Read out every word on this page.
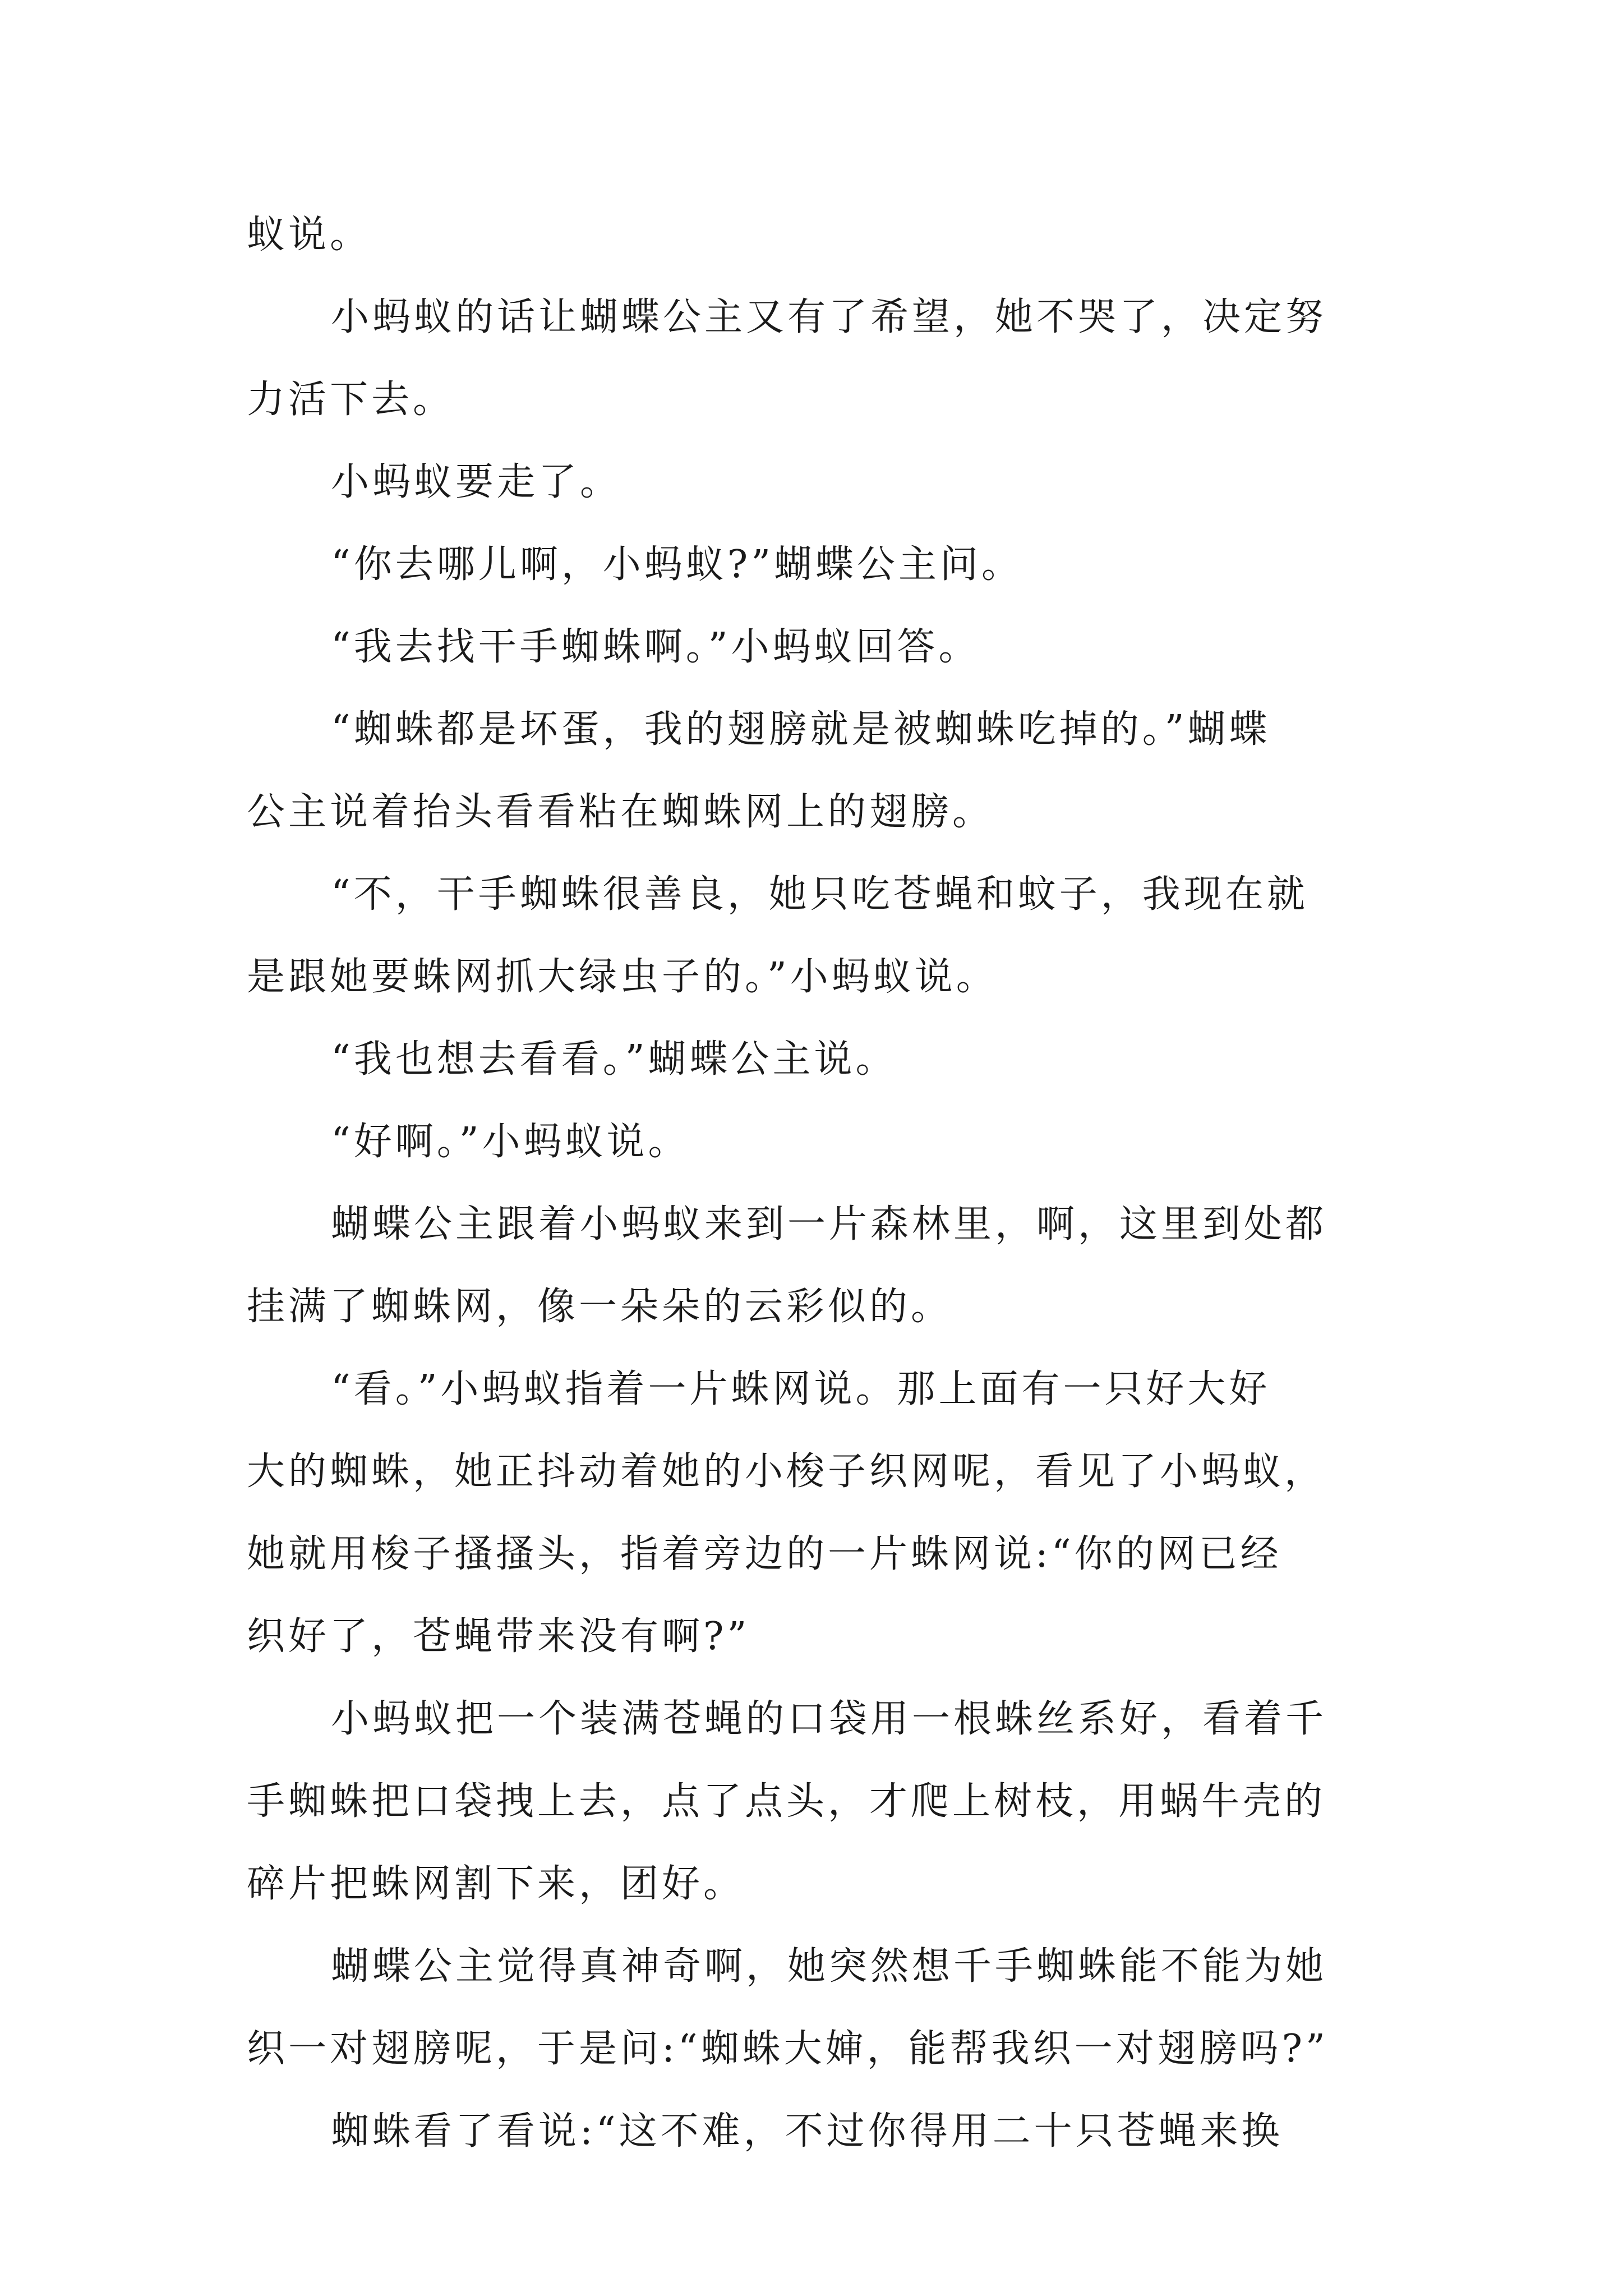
蚁说。
小蚂蚁的话让蝴蝶公主又有了希望，她不哭了，决定努
力活下去。
小蚂蚁要走了。
“你去哪儿啊，小蚂蚁?”蝴蝶公主问。
“我去找干手蜘蛛啊。”小蚂蚁回答。
“蜘蛛都是坏蛋，我的翅膀就是被蜘蛛吃掉的。”蝴蝶
公主说着抬头看看粘在蜘蛛网上的翅膀。
“不，干手蜘蛛很善良，她只吃苍蝇和蚊子，我现在就
是跟她要蛛网抓大绿虫子的。”小蚂蚁说。
“我也想去看看。”蝴蝶公主说。
“好啊。”小蚂蚁说。
蝴蝶公主跟着小蚂蚁来到一片森林里，啊，这里到处都
挂满了蜘蛛网，像一朵朵的云彩似的。
“看。”小蚂蚁指着一片蛛网说。那上面有一只好大好
大的蜘蛛，她正抖动着她的小梭子织网呢，看见了小蚂蚁，
她就用梭子搔搔头，指着旁边的一片蛛网说:“你的网已经
织好了，苍蝇带来没有啊?”
小蚂蚁把一个装满苍蝇的口袋用一根蛛丝系好，看着千
手蜘蛛把口袋拽上去，点了点头，才爬上树枝，用蜗牛壳的
碎片把蛛网割下来，团好。
蝴蝶公主觉得真神奇啊，她突然想千手蜘蛛能不能为她
织一对翅膀呢，于是问:“蜘蛛大婶，能帮我织一对翅膀吗?”
蜘蛛看了看说:“这不难，不过你得用二十只苍蝇来换
